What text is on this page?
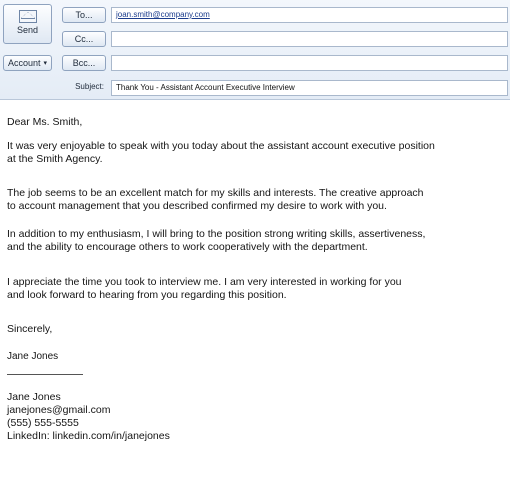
Send
Account ▾
To...
Cc...
Bcc...
joan.smith@company.com
Subject:	Thank You - Assistant Account Executive Interview
Dear Ms. Smith,
It was very enjoyable to speak with you today about the assistant account executive position
at the Smith Agency.
The job seems to be an excellent match for my skills and interests. The creative approach
to account management that you described confirmed my desire to work with you.
In addition to my enthusiasm, I will bring to the position strong writing skills, assertiveness,
and the ability to encourage others to work cooperatively with the department.
I appreciate the time you took to interview me. I am very interested in working for you
and look forward to hearing from you regarding this position.
Sincerely,
Jane Jones
Jane Jones
janejones@gmail.com
(555) 555-5555
LinkedIn: linkedin.com/in/janejones
